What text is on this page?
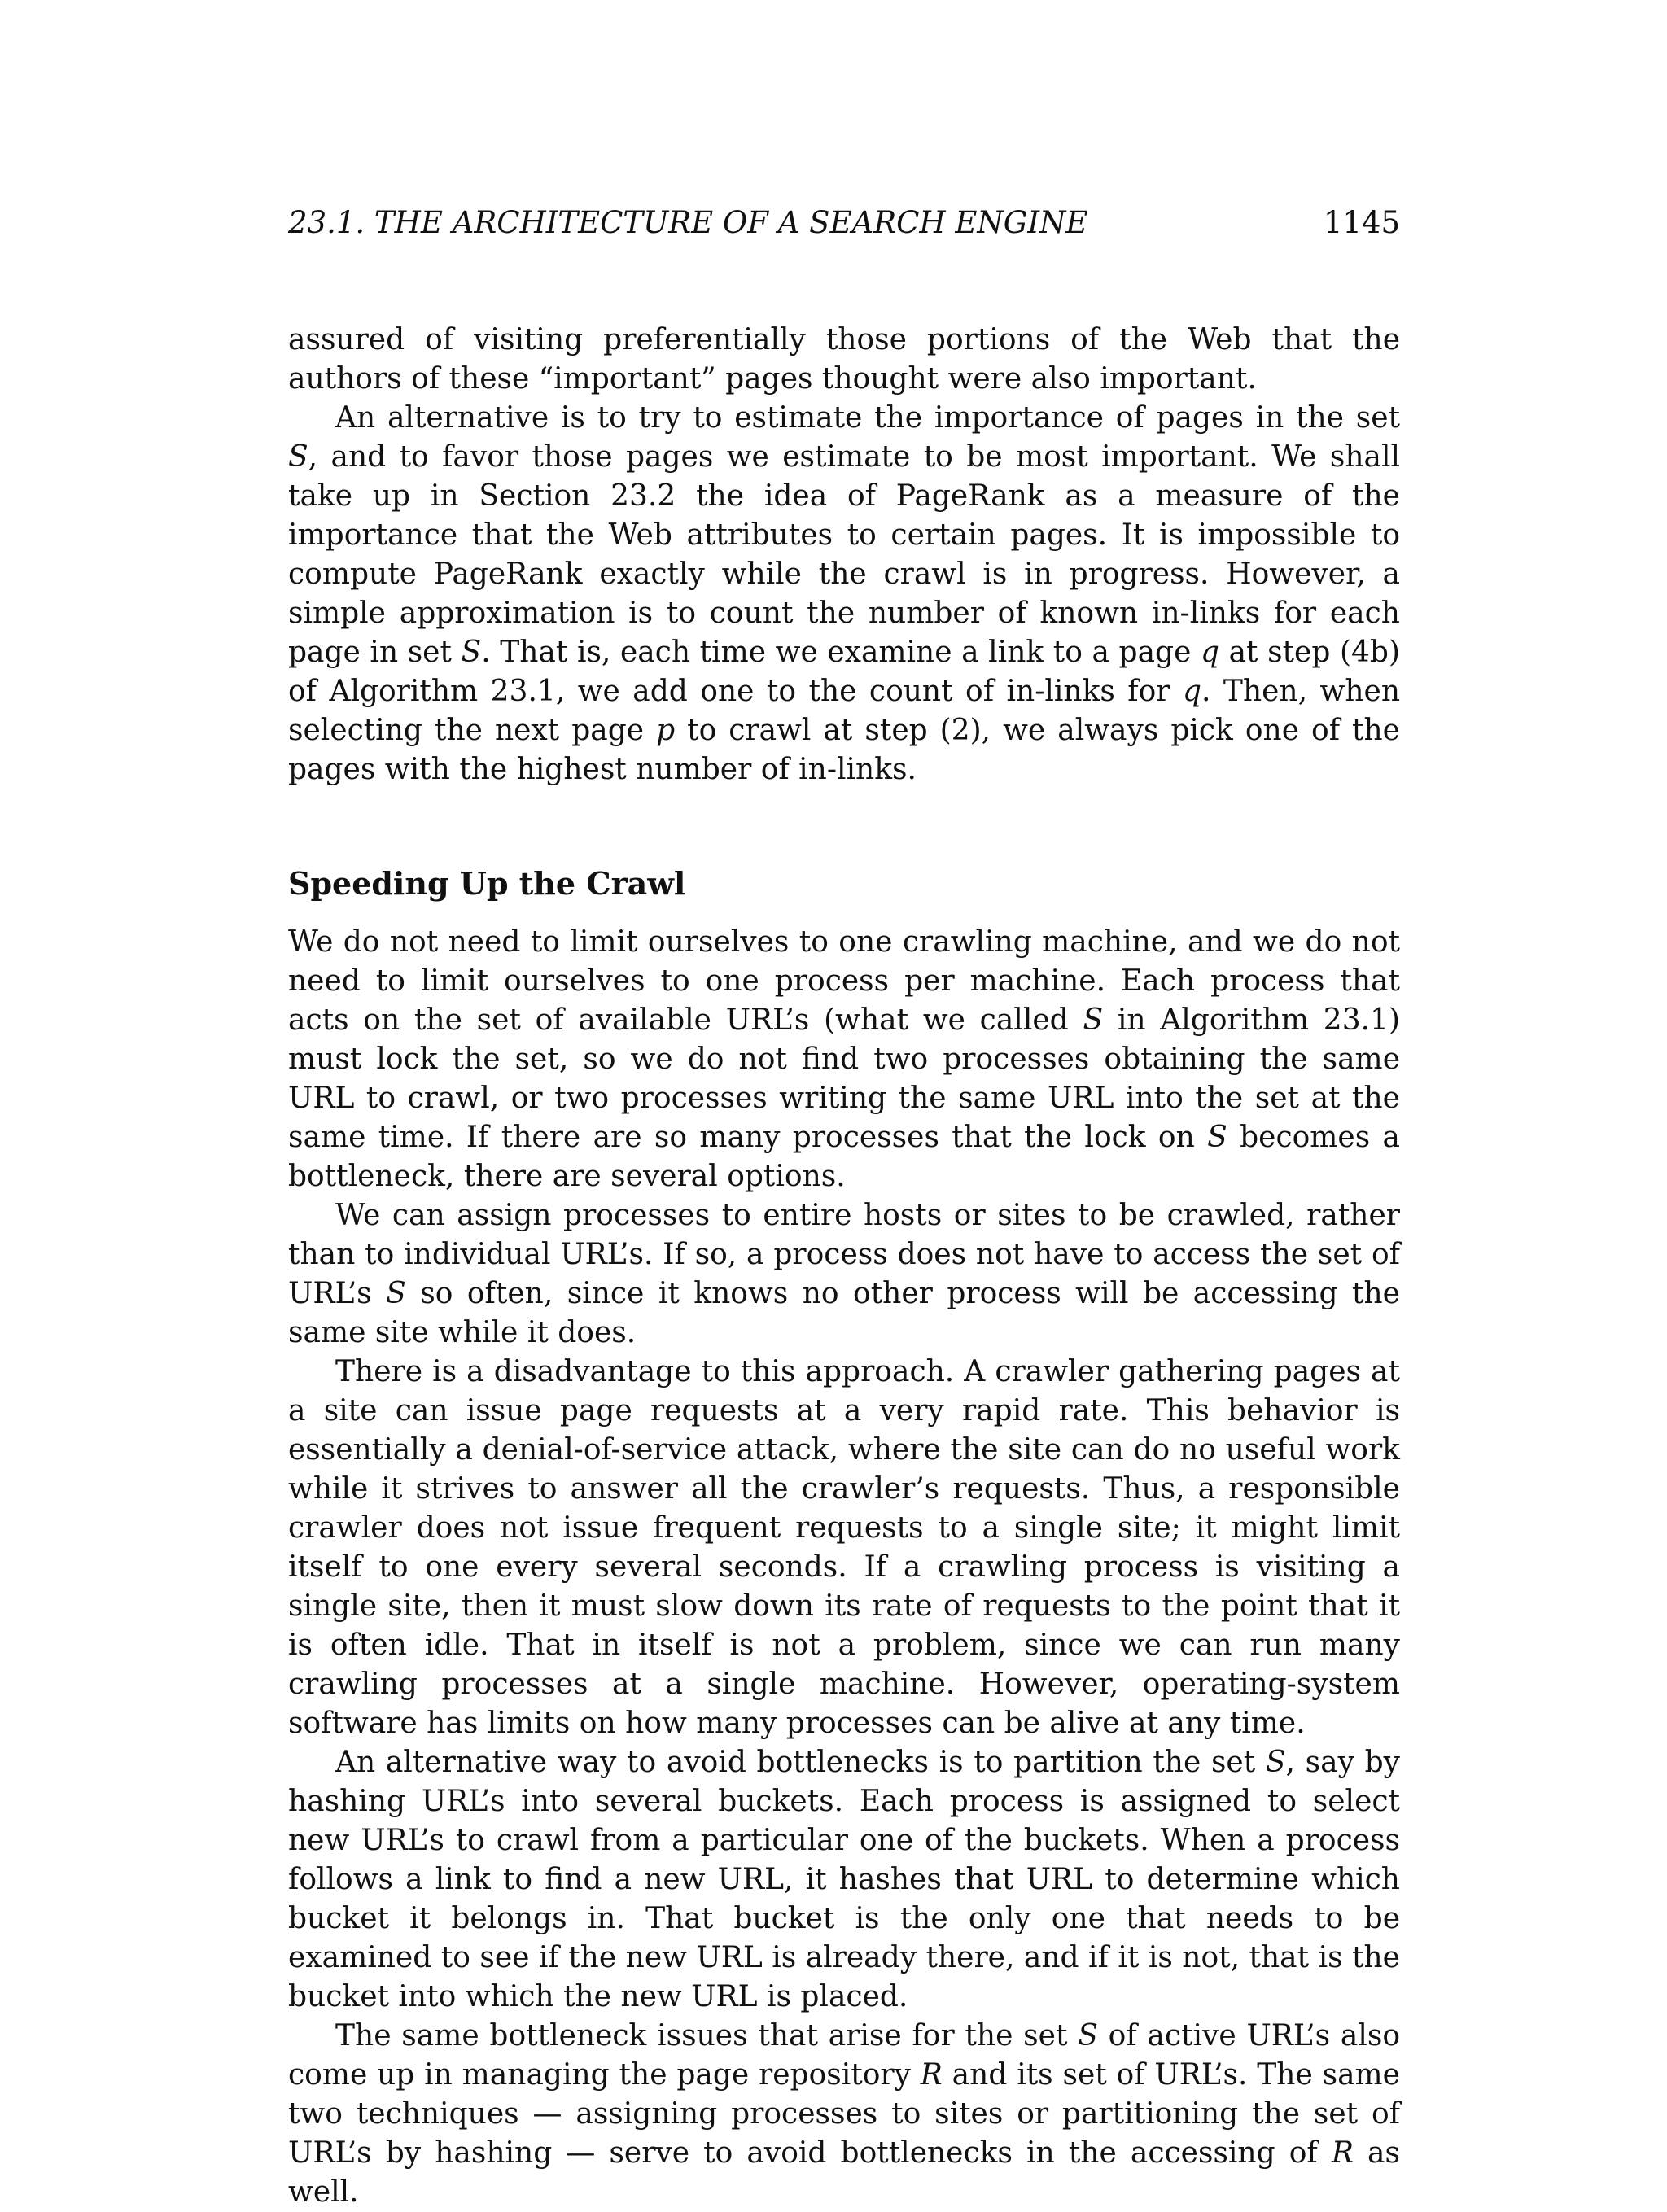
23.1. THE ARCHITECTURE OF A SEARCH ENGINE	1145

assured of visiting preferentially those portions of the Web that the authors of these “important” pages thought were also important.

An alternative is to try to estimate the importance of pages in the set S, and to favor those pages we estimate to be most important. We shall take up in Section 23.2 the idea of PageRank as a measure of the importance that the Web attributes to certain pages. It is impossible to compute PageRank exactly while the crawl is in progress. However, a simple approximation is to count the number of known in-links for each page in set S. That is, each time we examine a link to a page q at step (4b) of Algorithm 23.1, we add one to the count of in-links for q. Then, when selecting the next page p to crawl at step (2), we always pick one of the pages with the highest number of in-links.

Speeding Up the Crawl

We do not need to limit ourselves to one crawling machine, and we do not need to limit ourselves to one process per machine. Each process that acts on the set of available URL’s (what we called S in Algorithm 23.1) must lock the set, so we do not find two processes obtaining the same URL to crawl, or two processes writing the same URL into the set at the same time. If there are so many processes that the lock on S becomes a bottleneck, there are several options.

We can assign processes to entire hosts or sites to be crawled, rather than to individual URL’s. If so, a process does not have to access the set of URL’s S so often, since it knows no other process will be accessing the same site while it does.

There is a disadvantage to this approach. A crawler gathering pages at a site can issue page requests at a very rapid rate. This behavior is essentially a denial-of-service attack, where the site can do no useful work while it strives to answer all the crawler’s requests. Thus, a responsible crawler does not issue frequent requests to a single site; it might limit itself to one every several seconds. If a crawling process is visiting a single site, then it must slow down its rate of requests to the point that it is often idle. That in itself is not a problem, since we can run many crawling processes at a single machine. However, operating-system software has limits on how many processes can be alive at any time.

An alternative way to avoid bottlenecks is to partition the set S, say by hashing URL’s into several buckets. Each process is assigned to select new URL’s to crawl from a particular one of the buckets. When a process follows a link to find a new URL, it hashes that URL to determine which bucket it belongs in. That bucket is the only one that needs to be examined to see if the new URL is already there, and if it is not, that is the bucket into which the new URL is placed.

The same bottleneck issues that arise for the set S of active URL’s also come up in managing the page repository R and its set of URL’s. The same two techniques — assigning processes to sites or partitioning the set of URL’s by hashing — serve to avoid bottlenecks in the accessing of R as well.
